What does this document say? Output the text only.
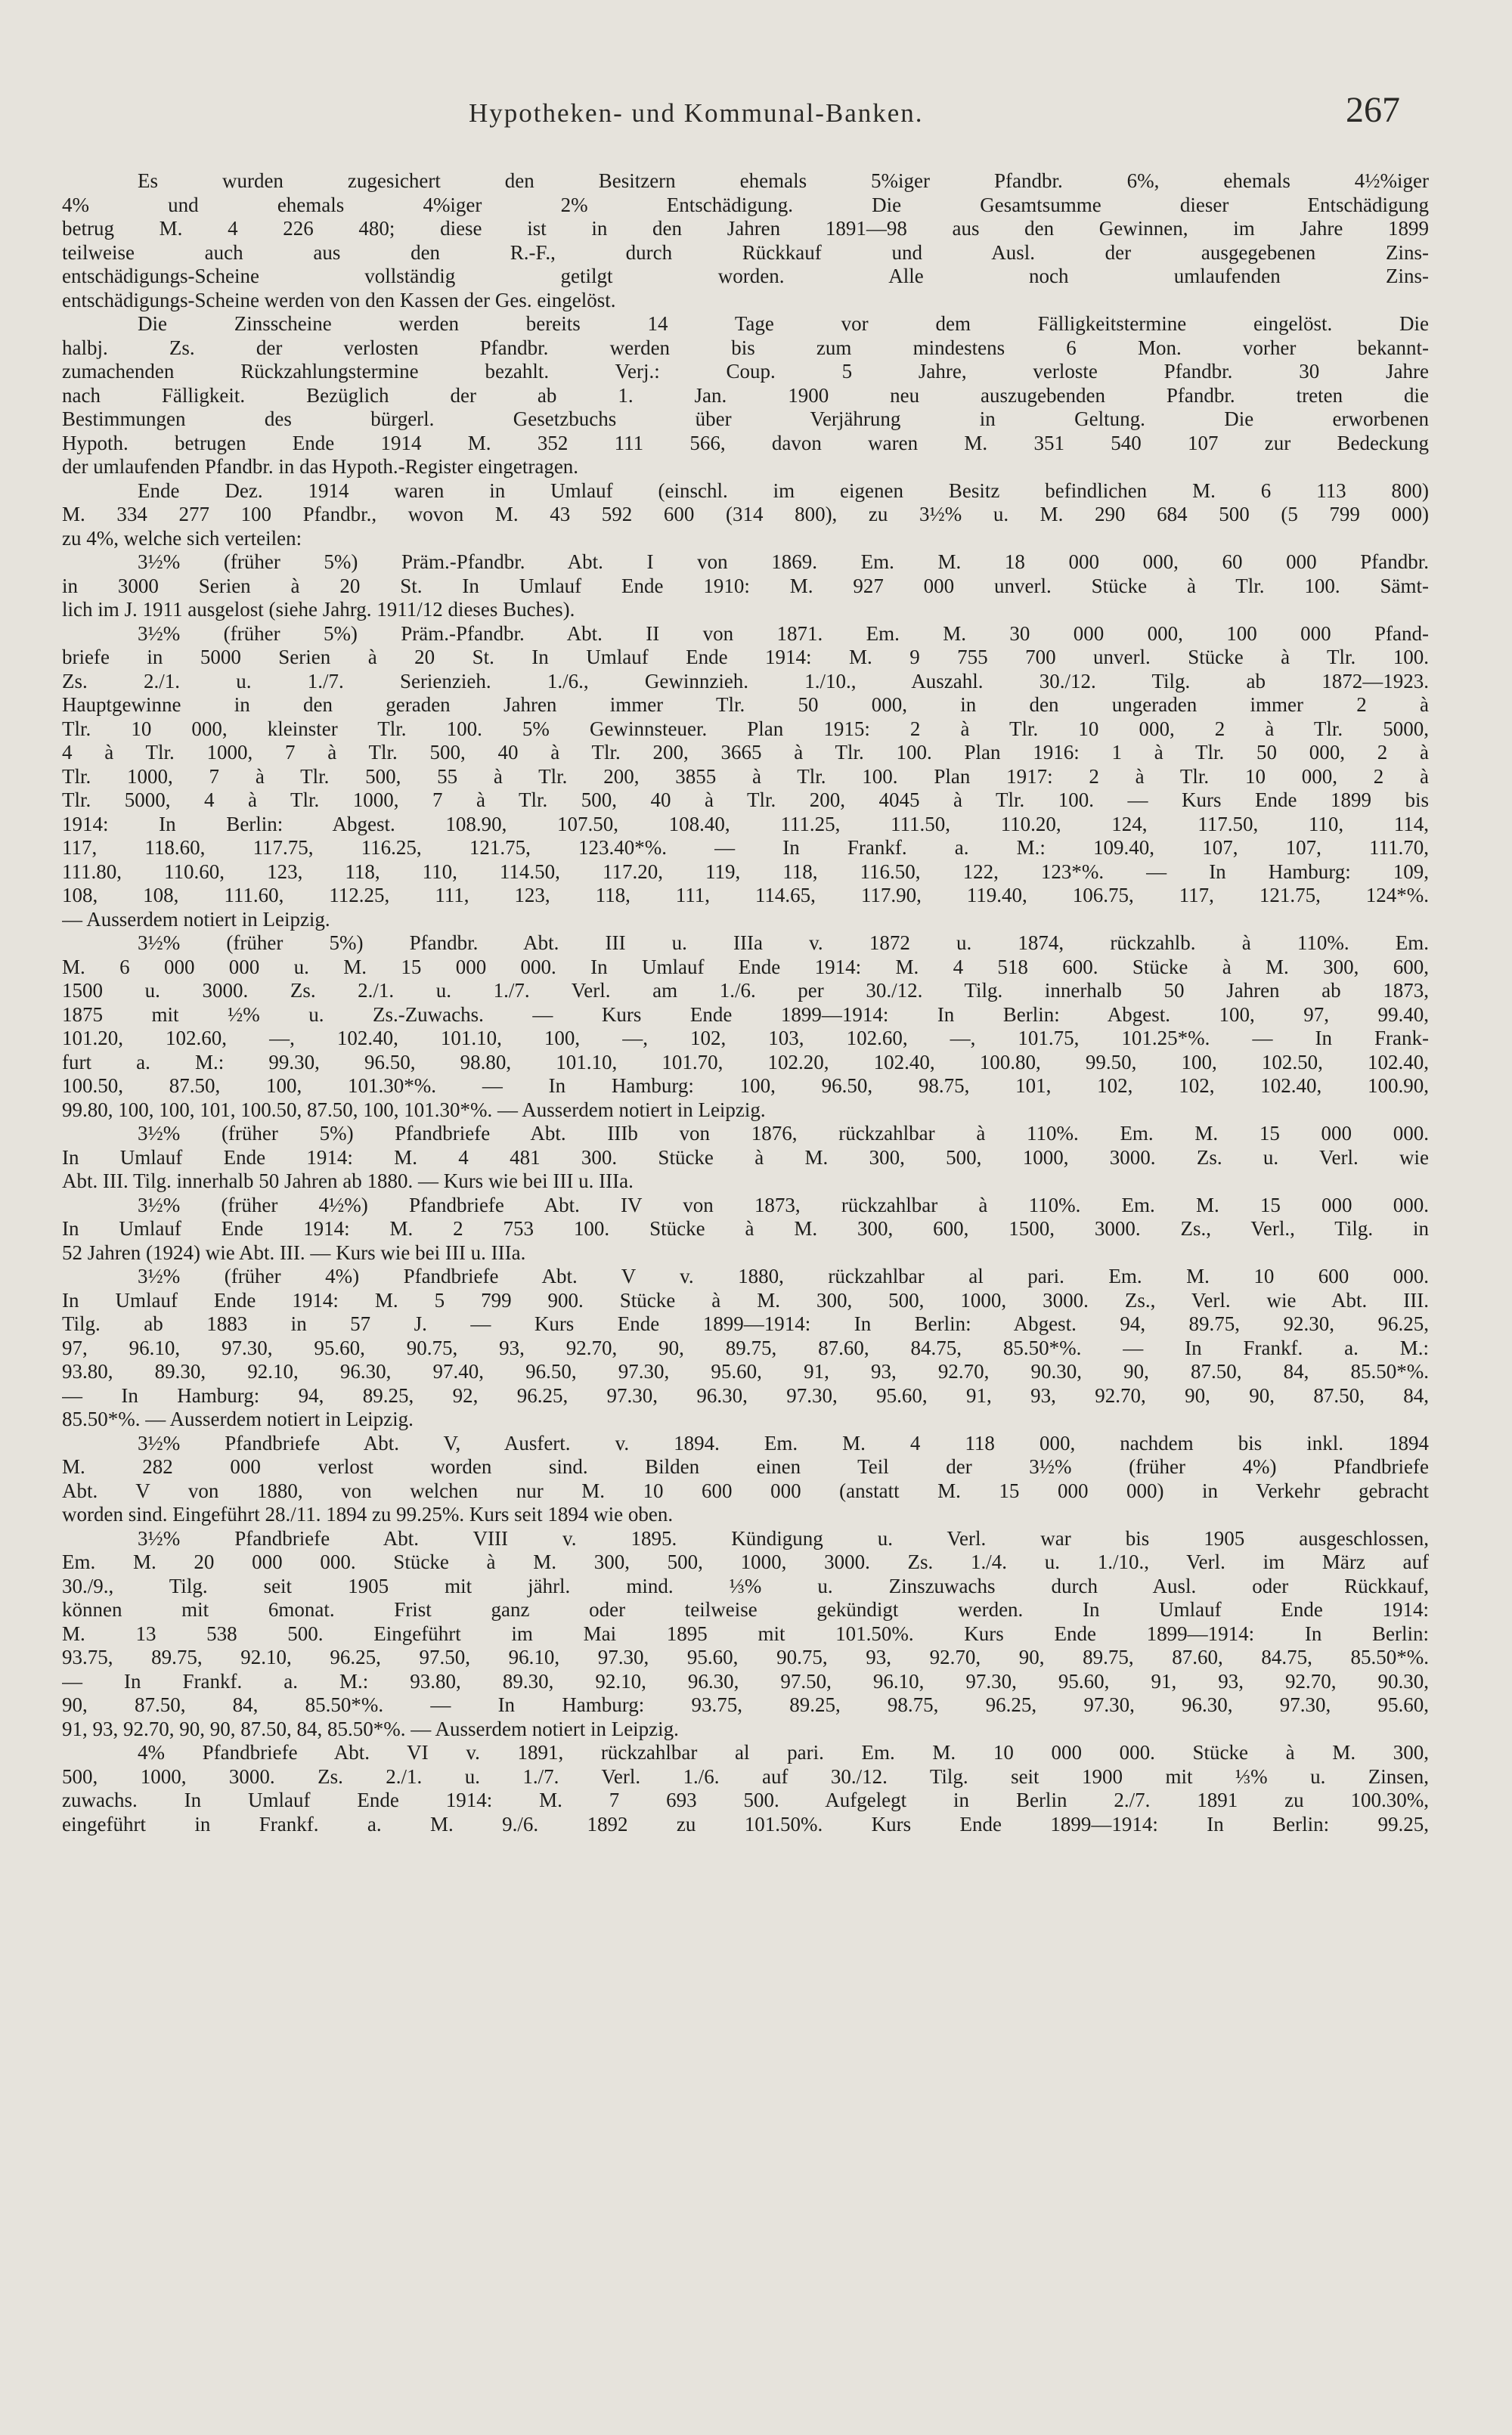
Hypotheken- und Kommunal-Banken.	267
Es wurden zugesichert den Besitzern ehemals 5%iger Pfandbr. 6%, ehemals 4½%iger
4% und ehemals 4%iger 2% Entschädigung. Die Gesamtsumme dieser Entschädigung
betrug M. 4 226 480; diese ist in den Jahren 1891—98 aus den Gewinnen, im Jahre 1899
teilweise auch aus den R.-F., durch Rückkauf und Ausl. der ausgegebenen Zins-
entschädigungs-Scheine vollständig getilgt worden. Alle noch umlaufenden Zins-
entschädigungs-Scheine werden von den Kassen der Ges. eingelöst.
Die Zinsscheine werden bereits 14 Tage vor dem Fälligkeitstermine eingelöst. Die
halbj. Zs. der verlosten Pfandbr. werden bis zum mindestens 6 Mon. vorher bekannt-
zumachenden Rückzahlungstermine bezahlt. Verj.: Coup. 5 Jahre, verloste Pfandbr. 30 Jahre
nach Fälligkeit. Bezüglich der ab 1. Jan. 1900 neu auszugebenden Pfandbr. treten die
Bestimmungen des bürgerl. Gesetzbuchs über Verjährung in Geltung. Die erworbenen
Hypoth. betrugen Ende 1914 M. 352 111 566, davon waren M. 351 540 107 zur Bedeckung
der umlaufenden Pfandbr. in das Hypoth.-Register eingetragen.
Ende Dez. 1914 waren in Umlauf (einschl. im eigenen Besitz befindlichen M. 6 113 800)
M. 334 277 100 Pfandbr., wovon M. 43 592 600 (314 800), zu 3½% u. M. 290 684 500 (5 799 000)
zu 4%, welche sich verteilen:
3½% (früher 5%) Präm.-Pfandbr. Abt. I von 1869. Em. M. 18 000 000, 60 000 Pfandbr.
in 3000 Serien à 20 St. In Umlauf Ende 1910: M. 927 000 unverl. Stücke à Tlr. 100. Sämt-
lich im J. 1911 ausgelost (siehe Jahrg. 1911/12 dieses Buches).
3½% (früher 5%) Präm.-Pfandbr. Abt. II von 1871. Em. M. 30 000 000, 100 000 Pfand-
briefe in 5000 Serien à 20 St. In Umlauf Ende 1914: M. 9 755 700 unverl. Stücke à Tlr. 100.
Zs. 2./1. u. 1./7. Serienzieh. 1./6., Gewinnzieh. 1./10., Auszahl. 30./12. Tilg. ab 1872—1923.
Hauptgewinne in den geraden Jahren immer Tlr. 50 000, in den ungeraden immer 2 à
Tlr. 10 000, kleinster Tlr. 100. 5% Gewinnsteuer. Plan 1915: 2 à Tlr. 10 000, 2 à Tlr. 5000,
4 à Tlr. 1000, 7 à Tlr. 500, 40 à Tlr. 200, 3665 à Tlr. 100. Plan 1916: 1 à Tlr. 50 000, 2 à
Tlr. 1000, 7 à Tlr. 500, 55 à Tlr. 200, 3855 à Tlr. 100. Plan 1917: 2 à Tlr. 10 000, 2 à
Tlr. 5000, 4 à Tlr. 1000, 7 à Tlr. 500, 40 à Tlr. 200, 4045 à Tlr. 100. — Kurs Ende 1899 bis
1914: In Berlin: Abgest. 108.90, 107.50, 108.40, 111.25, 111.50, 110.20, 124, 117.50, 110, 114,
117, 118.60, 117.75, 116.25, 121.75, 123.40*%. — In Frankf. a. M.: 109.40, 107, 107, 111.70,
111.80, 110.60, 123, 118, 110, 114.50, 117.20, 119, 118, 116.50, 122, 123*%. — In Hamburg: 109,
108, 108, 111.60, 112.25, 111, 123, 118, 111, 114.65, 117.90, 119.40, 106.75, 117, 121.75, 124*%.
— Ausserdem notiert in Leipzig.
3½% (früher 5%) Pfandbr. Abt. III u. IIIa v. 1872 u. 1874, rückzahlb. à 110%. Em.
M. 6 000 000 u. M. 15 000 000. In Umlauf Ende 1914: M. 4 518 600. Stücke à M. 300, 600,
1500 u. 3000. Zs. 2./1. u. 1./7. Verl. am 1./6. per 30./12. Tilg. innerhalb 50 Jahren ab 1873,
1875 mit ½% u. Zs.-Zuwachs. — Kurs Ende 1899—1914: In Berlin: Abgest. 100, 97, 99.40,
101.20, 102.60, —, 102.40, 101.10, 100, —, 102, 103, 102.60, —, 101.75, 101.25*%. — In Frank-
furt a. M.: 99.30, 96.50, 98.80, 101.10, 101.70, 102.20, 102.40, 100.80, 99.50, 100, 102.50, 102.40,
100.50, 87.50, 100, 101.30*%. — In Hamburg: 100, 96.50, 98.75, 101, 102, 102, 102.40, 100.90,
99.80, 100, 100, 101, 100.50, 87.50, 100, 101.30*%. — Ausserdem notiert in Leipzig.
3½% (früher 5%) Pfandbriefe Abt. IIIb von 1876, rückzahlbar à 110%. Em. M. 15 000 000.
In Umlauf Ende 1914: M. 4 481 300. Stücke à M. 300, 500, 1000, 3000. Zs. u. Verl. wie
Abt. III. Tilg. innerhalb 50 Jahren ab 1880. — Kurs wie bei III u. IIIa.
3½% (früher 4½%) Pfandbriefe Abt. IV von 1873, rückzahlbar à 110%. Em. M. 15 000 000.
In Umlauf Ende 1914: M. 2 753 100. Stücke à M. 300, 600, 1500, 3000. Zs., Verl., Tilg. in
52 Jahren (1924) wie Abt. III. — Kurs wie bei III u. IIIa.
3½% (früher 4%) Pfandbriefe Abt. V v. 1880, rückzahlbar al pari. Em. M. 10 600 000.
In Umlauf Ende 1914: M. 5 799 900. Stücke à M. 300, 500, 1000, 3000. Zs., Verl. wie Abt. III.
Tilg. ab 1883 in 57 J. — Kurs Ende 1899—1914: In Berlin: Abgest. 94, 89.75, 92.30, 96.25,
97, 96.10, 97.30, 95.60, 90.75, 93, 92.70, 90, 89.75, 87.60, 84.75, 85.50*%. — In Frankf. a. M.:
93.80, 89.30, 92.10, 96.30, 97.40, 96.50, 97.30, 95.60, 91, 93, 92.70, 90.30, 90, 87.50, 84, 85.50*%.
— In Hamburg: 94, 89.25, 92, 96.25, 97.30, 96.30, 97.30, 95.60, 91, 93, 92.70, 90, 90, 87.50, 84,
85.50*%. — Ausserdem notiert in Leipzig.
3½% Pfandbriefe Abt. V, Ausfert. v. 1894. Em. M. 4 118 000, nachdem bis inkl. 1894
M. 282 000 verlost worden sind. Bilden einen Teil der 3½% (früher 4%) Pfandbriefe
Abt. V von 1880, von welchen nur M. 10 600 000 (anstatt M. 15 000 000) in Verkehr gebracht
worden sind. Eingeführt 28./11. 1894 zu 99.25%. Kurs seit 1894 wie oben.
3½% Pfandbriefe Abt. VIII v. 1895. Kündigung u. Verl. war bis 1905 ausgeschlossen,
Em. M. 20 000 000. Stücke à M. 300, 500, 1000, 3000. Zs. 1./4. u. 1./10., Verl. im März auf
30./9., Tilg. seit 1905 mit jährl. mind. ⅓% u. Zinszuwachs durch Ausl. oder Rückkauf,
können mit 6monat. Frist ganz oder teilweise gekündigt werden. In Umlauf Ende 1914:
M. 13 538 500. Eingeführt im Mai 1895 mit 101.50%. Kurs Ende 1899—1914: In Berlin:
93.75, 89.75, 92.10, 96.25, 97.50, 96.10, 97.30, 95.60, 90.75, 93, 92.70, 90, 89.75, 87.60, 84.75, 85.50*%.
— In Frankf. a. M.: 93.80, 89.30, 92.10, 96.30, 97.50, 96.10, 97.30, 95.60, 91, 93, 92.70, 90.30,
90, 87.50, 84, 85.50*%. — In Hamburg: 93.75, 89.25, 98.75, 96.25, 97.30, 96.30, 97.30, 95.60,
91, 93, 92.70, 90, 90, 87.50, 84, 85.50*%. — Ausserdem notiert in Leipzig.
4% Pfandbriefe Abt. VI v. 1891, rückzahlbar al pari. Em. M. 10 000 000. Stücke à M. 300,
500, 1000, 3000. Zs. 2./1. u. 1./7. Verl. 1./6. auf 30./12. Tilg. seit 1900 mit ⅓% u. Zinsen,
zuwachs. In Umlauf Ende 1914: M. 7 693 500. Aufgelegt in Berlin 2./7. 1891 zu 100.30%,
eingeführt in Frankf. a. M. 9./6. 1892 zu 101.50%. Kurs Ende 1899—1914: In Berlin: 99.25,
